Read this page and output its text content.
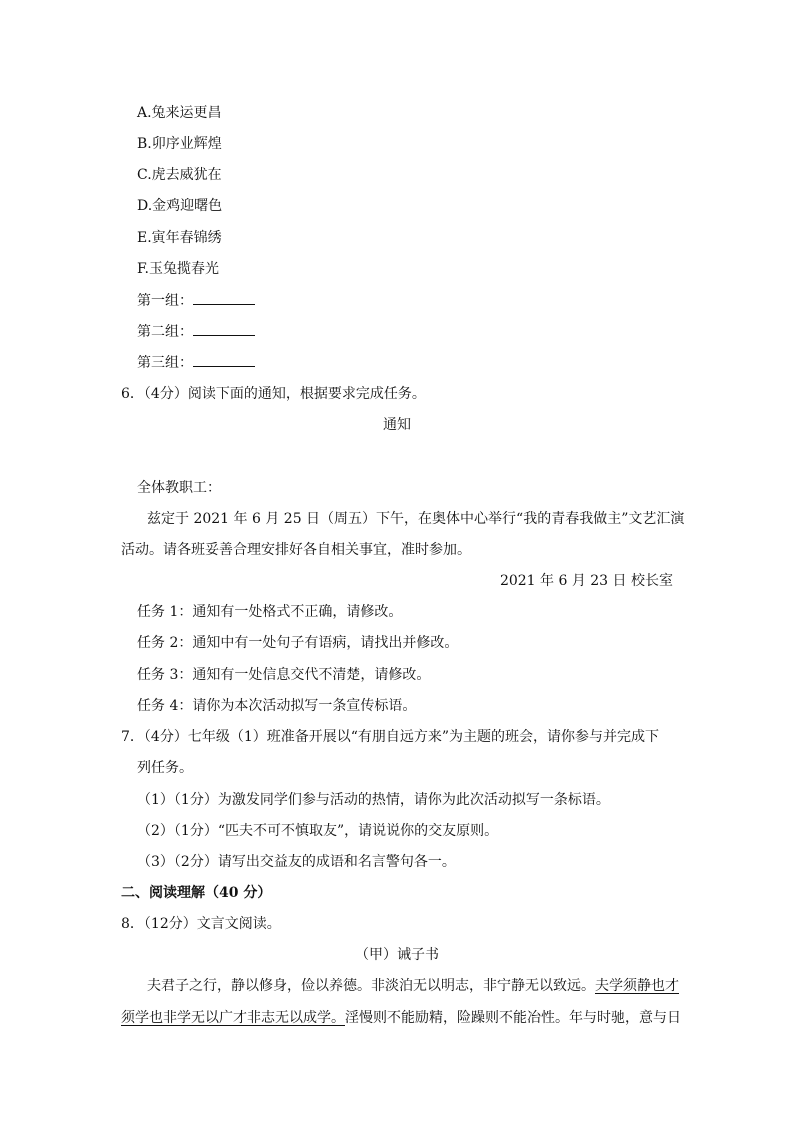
A.兔来运更昌
B.卯序业辉煌
C.虎去威犹在
D.金鸡迎曙色
E.寅年春锦绣
F.玉兔揽春光
第一组：
第二组：
第三组：
6．（4分）阅读下面的通知，根据要求完成任务。
通知
全体教职工：
兹定于 2021 年 6 月 25 日（周五）下午，在奥体中心举行“我的青春我做主”文艺汇演
活动。请各班妥善合理安排好各自相关事宜，准时参加。
2021 年 6 月 23 日 校长室
任务 1：通知有一处格式不正确，请修改。
任务 2：通知中有一处句子有语病，请找出并修改。
任务 3：通知有一处信息交代不清楚，请修改。
任务 4：请你为本次活动拟写一条宣传标语。
7．（4分）七年级（1）班准备开展以“有朋自远方来”为主题的班会，请你参与并完成下
列任务。
（1）（1分）为激发同学们参与活动的热情，请你为此次活动拟写一条标语。
（2）（1分）“匹夫不可不慎取友”，请说说你的交友原则。
（3）（2分）请写出交益友的成语和名言警句各一。
二、阅读理解（40 分）
8．（12分）文言文阅读。
（甲）诫子书
夫君子之行，静以修身，俭以养德。非淡泊无以明志，非宁静无以致远。夫学须静也才
须学也非学无以广才非志无以成学。淫慢则不能励精，险躁则不能冶性。年与时驰，意与日
